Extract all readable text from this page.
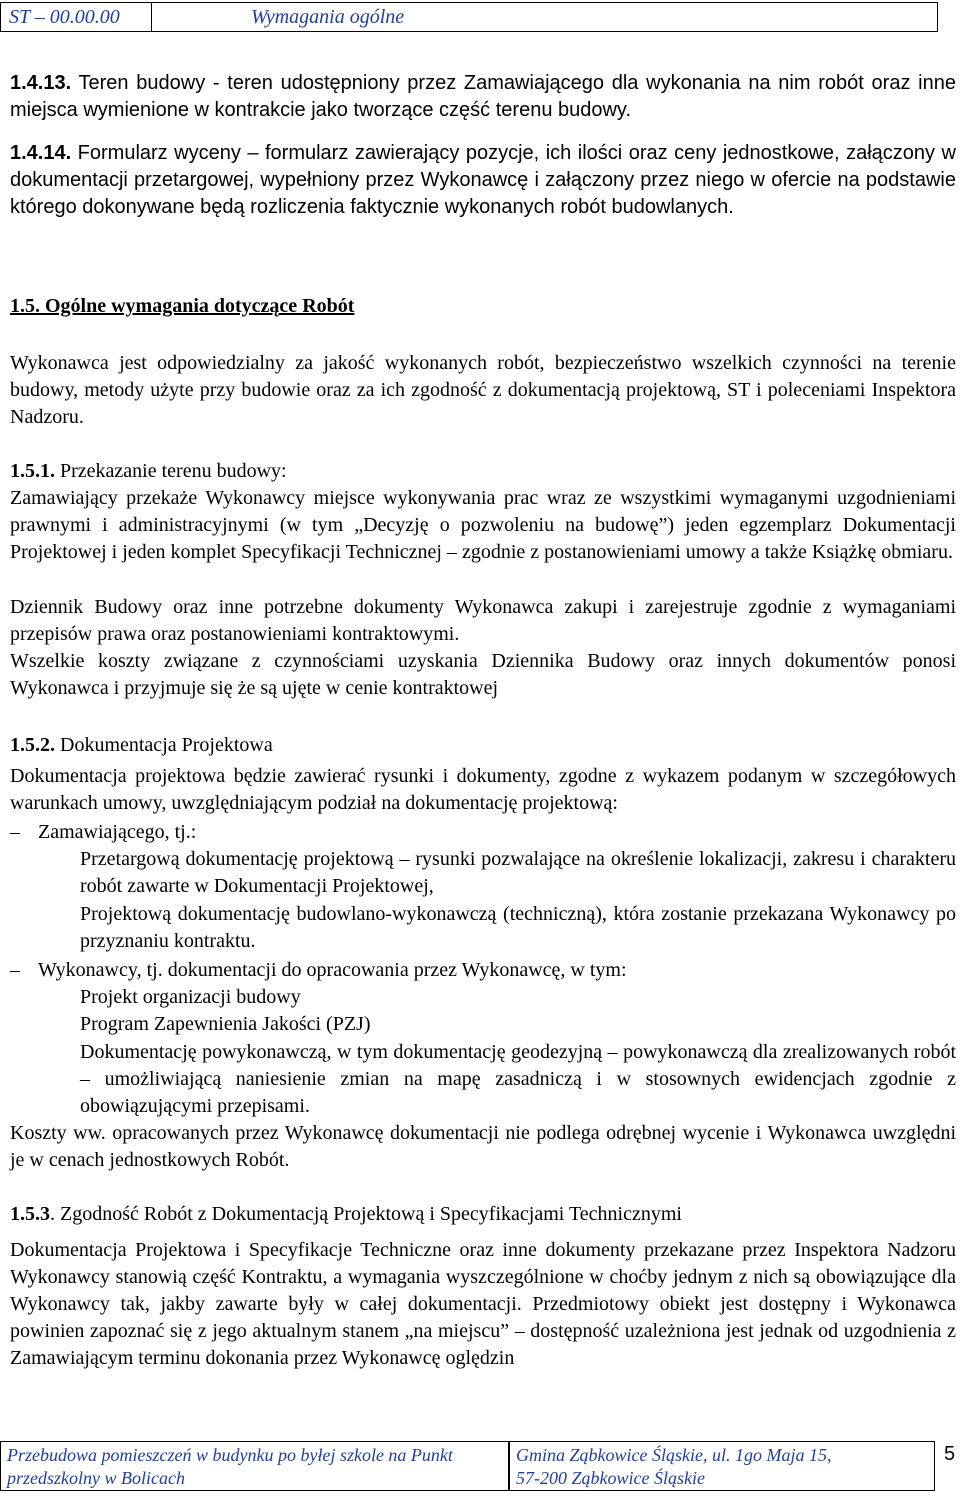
ST – 00.00.00	Wymagania ogólne

1.4.13. Teren budowy - teren udostępniony przez Zamawiającego dla wykonania na nim robót oraz inne miejsca wymienione w kontrakcie jako tworzące część terenu budowy.

1.4.14. Formularz wyceny – formularz zawierający pozycje, ich ilości oraz ceny jednostkowe, załączony w dokumentacji przetargowej, wypełniony przez Wykonawcę i załączony przez niego w ofercie na podstawie którego dokonywane będą rozliczenia faktycznie wykonanych robót budowlanych.

1.5. Ogólne wymagania dotyczące Robót

Wykonawca jest odpowiedzialny za jakość wykonanych robót, bezpieczeństwo wszelkich czynności na terenie budowy, metody użyte przy budowie oraz za ich zgodność z dokumentacją projektową, ST i poleceniami Inspektora Nadzoru.

1.5.1. Przekazanie terenu budowy:

Zamawiający przekaże Wykonawcy miejsce wykonywania prac wraz ze wszystkimi wymaganymi uzgodnieniami prawnymi i administracyjnymi (w tym „Decyzję o pozwoleniu na budowę”) jeden egzemplarz Dokumentacji Projektowej i jeden komplet Specyfikacji Technicznej – zgodnie z postanowieniami umowy a także Książkę obmiaru.

Dziennik Budowy oraz inne potrzebne dokumenty Wykonawca zakupi i zarejestruje zgodnie z wymaganiami przepisów prawa oraz postanowieniami kontraktowymi.

Wszelkie koszty związane z czynnościami uzyskania Dziennika Budowy oraz innych dokumentów ponosi Wykonawca i przyjmuje się że są ujęte w cenie kontraktowej

1.5.2. Dokumentacja Projektowa

Dokumentacja projektowa będzie zawierać rysunki i dokumenty, zgodne z wykazem podanym w szczegółowych warunkach umowy, uwzględniającym podział na dokumentację projektową:

– Zamawiającego, tj.:

Przetargową dokumentację projektową – rysunki pozwalające na określenie lokalizacji, zakresu i charakteru robót zawarte w Dokumentacji Projektowej,

Projektową dokumentację budowlano-wykonawczą (techniczną), która zostanie przekazana Wykonawcy po przyznaniu kontraktu.

– Wykonawcy, tj. dokumentacji do opracowania przez Wykonawcę, w tym:

Projekt organizacji budowy

Program Zapewnienia Jakości (PZJ)

Dokumentację powykonawczą, w tym dokumentację geodezyjną – powykonawczą dla zrealizowanych robót – umożliwiającą naniesienie zmian na mapę zasadniczą i w stosownych ewidencjach zgodnie z obowiązującymi przepisami.

Koszty ww. opracowanych przez Wykonawcę dokumentacji nie podlega odrębnej wycenie i Wykonawca uwzględni je w cenach jednostkowych Robót.

1.5.3. Zgodność Robót z Dokumentacją Projektową i Specyfikacjami Technicznymi

Dokumentacja Projektowa i Specyfikacje Techniczne oraz inne dokumenty przekazane przez Inspektora Nadzoru Wykonawcy stanowią część Kontraktu, a wymagania wyszczególnione w choćby jednym z nich są obowiązujące dla Wykonawcy tak, jakby zawarte były w całej dokumentacji. Przedmiotowy obiekt jest dostępny i Wykonawca powinien zapoznać się z jego aktualnym stanem „na miejscu” – dostępność uzależniona jest jednak od uzgodnienia z Zamawiającym terminu dokonania przez Wykonawcę oględzin

Przebudowa pomieszczeń w budynku po byłej szkole na Punkt
przedszkolny w Bolicach
Gmina Ząbkowice Śląskie, ul. 1go Maja 15,
57-200 Ząbkowice Śląskie
5
